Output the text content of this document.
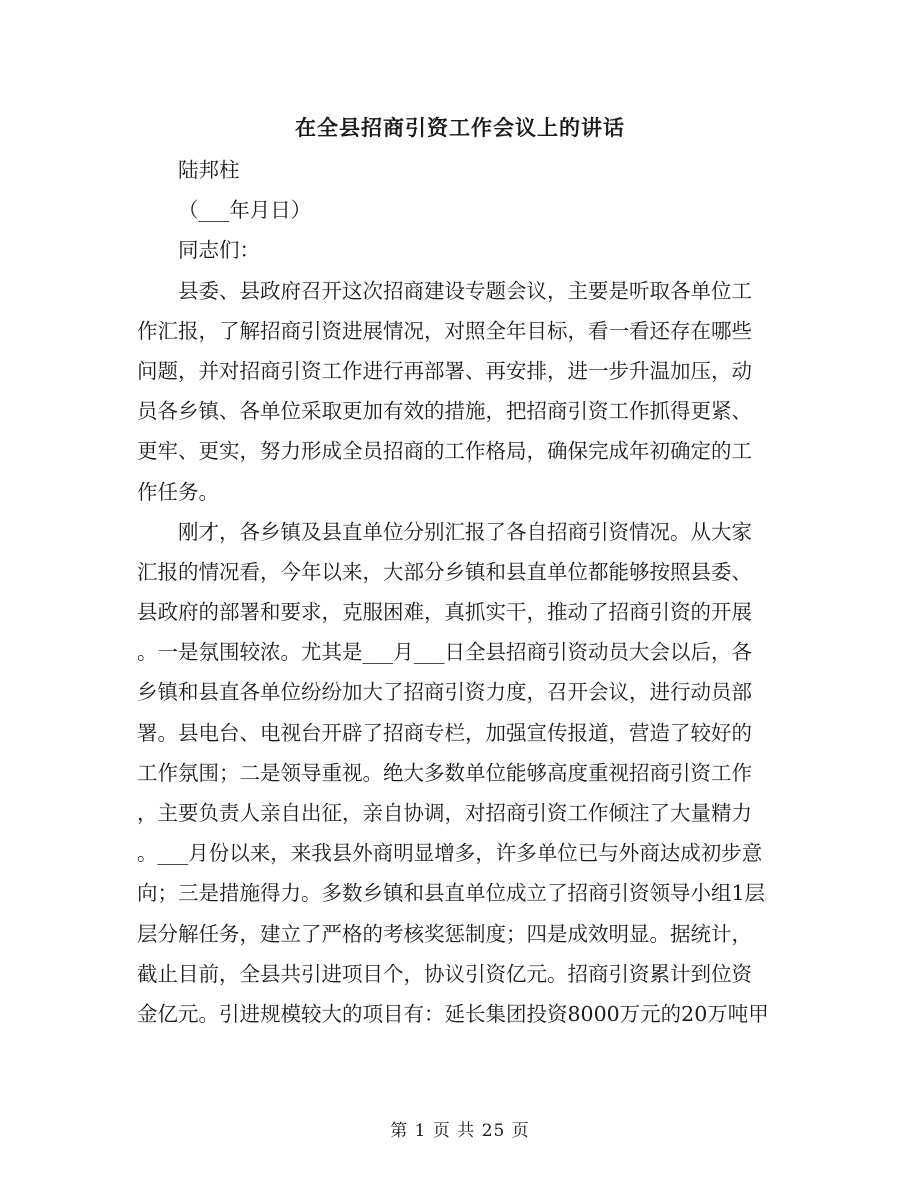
在全县招商引资工作会议上的讲话
陆邦柱
（___年月日）
同志们：
县委、县政府召开这次招商建设专题会议，主要是听取各单位工
作汇报，了解招商引资进展情况，对照全年目标，看一看还存在哪些
问题，并对招商引资工作进行再部署、再安排，进一步升温加压，动
员各乡镇、各单位采取更加有效的措施，把招商引资工作抓得更紧、
更牢、更实，努力形成全员招商的工作格局，确保完成年初确定的工
作任务。
刚才，各乡镇及县直单位分别汇报了各自招商引资情况。从大家
汇报的情况看，今年以来，大部分乡镇和县直单位都能够按照县委、
县政府的部署和要求，克服困难，真抓实干，推动了招商引资的开展
。一是氛围较浓。尤其是___月___日全县招商引资动员大会以后，各
乡镇和县直各单位纷纷加大了招商引资力度，召开会议，进行动员部
署。县电台、电视台开辟了招商专栏，加强宣传报道，营造了较好的
工作氛围；二是领导重视。绝大多数单位能够高度重视招商引资工作
，主要负责人亲自出征，亲自协调，对招商引资工作倾注了大量精力
。___月份以来，来我县外商明显增多，许多单位已与外商达成初步意
向；三是措施得力。多数乡镇和县直单位成立了招商引资领导小组1层
层分解任务，建立了严格的考核奖惩制度；四是成效明显。据统计，
截止目前，全县共引进项目个，协议引资亿元。招商引资累计到位资
金亿元。引进规模较大的项目有：延长集团投资8000万元的20万吨甲
第 1 页 共 25 页
